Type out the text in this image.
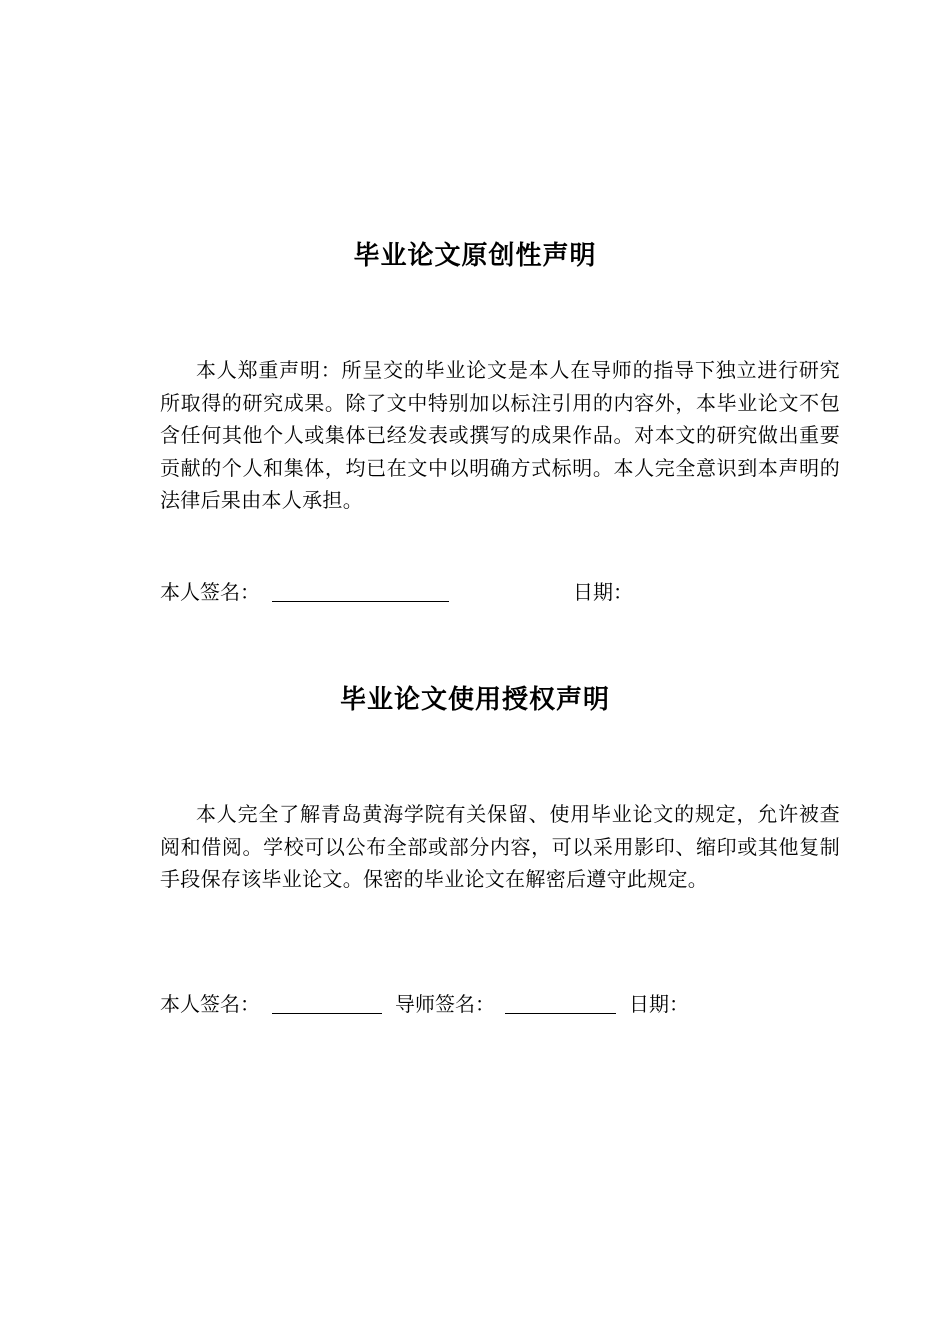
毕业论文原创性声明
本人郑重声明：所呈交的毕业论文是本人在导师的指导下独立进行研究所取得的研究成果。除了文中特别加以标注引用的内容外，本毕业论文不包含任何其他个人或集体已经发表或撰写的成果作品。对本文的研究做出重要贡献的个人和集体，均已在文中以明确方式标明。本人完全意识到本声明的法律后果由本人承担。
本人签名：	日期：
毕业论文使用授权声明
本人完全了解青岛黄海学院有关保留、使用毕业论文的规定，允许被查阅和借阅。学校可以公布全部或部分内容，可以采用影印、缩印或其他复制手段保存该毕业论文。保密的毕业论文在解密后遵守此规定。
本人签名：	导师签名：	日期：
